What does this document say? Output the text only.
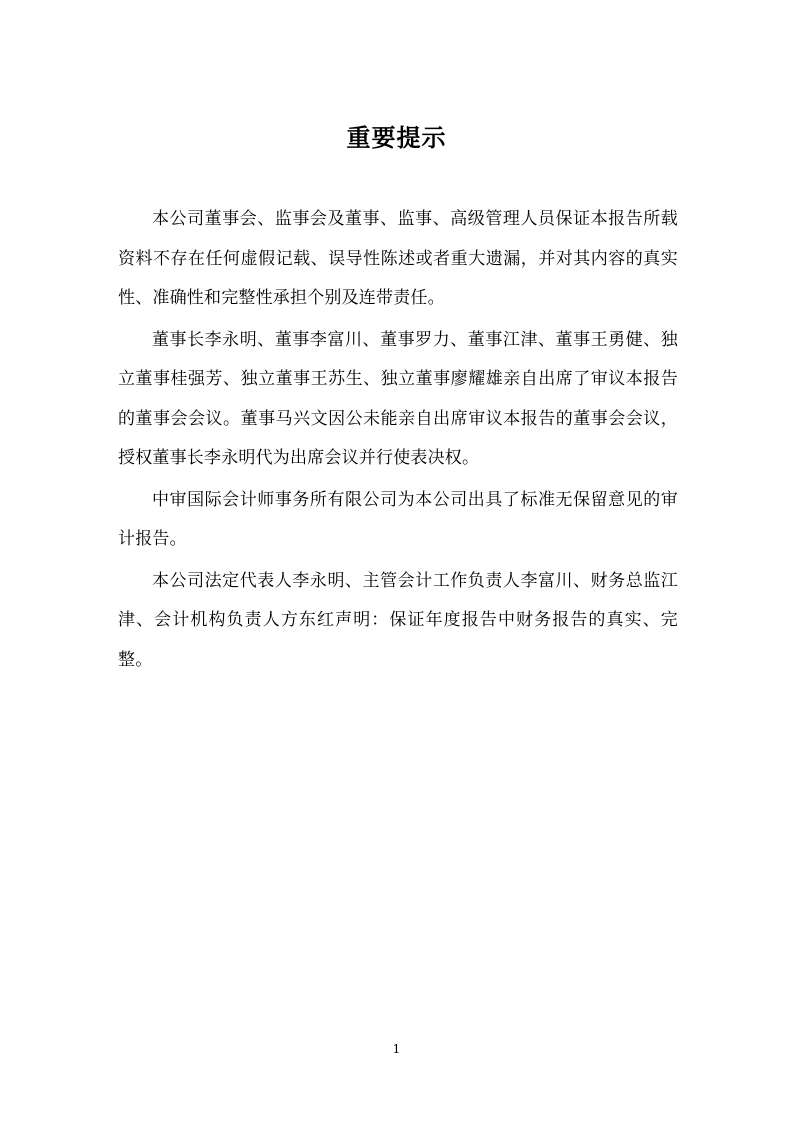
重要提示

本公司董事会、监事会及董事、监事、高级管理人员保证本报告所载资料不存在任何虚假记载、误导性陈述或者重大遗漏，并对其内容的真实性、准确性和完整性承担个别及连带责任。

董事长李永明、董事李富川、董事罗力、董事江津、董事王勇健、独立董事桂强芳、独立董事王苏生、独立董事廖耀雄亲自出席了审议本报告的董事会会议。董事马兴文因公未能亲自出席审议本报告的董事会会议，授权董事长李永明代为出席会议并行使表决权。

中审国际会计师事务所有限公司为本公司出具了标准无保留意见的审计报告。

本公司法定代表人李永明、主管会计工作负责人李富川、财务总监江津、会计机构负责人方东红声明：保证年度报告中财务报告的真实、完整。

1
